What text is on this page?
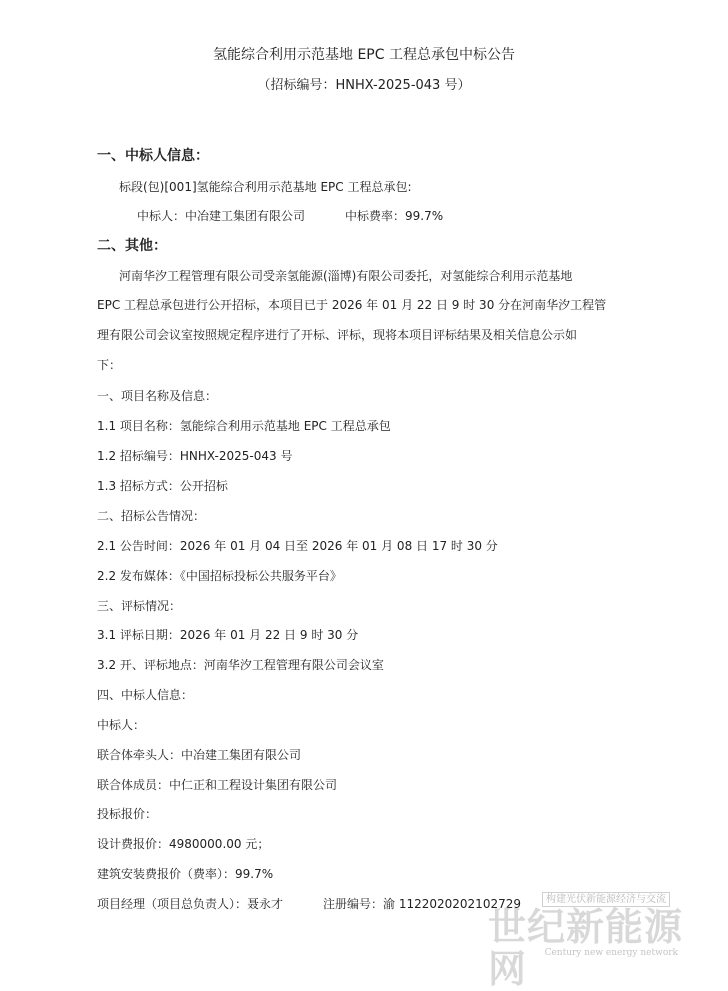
氢能综合利用示范基地 EPC 工程总承包中标公告
（招标编号：HNHX-2025-043 号）
一、中标人信息：
标段(包)[001]氢能综合利用示范基地 EPC 工程总承包:
中标人：中冶建工集团有限公司	中标费率：99.7%
二、其他：
河南华汐工程管理有限公司受亲氢能源(淄博)有限公司委托，对氢能综合利用示范基地
EPC 工程总承包进行公开招标，本项目已于 2026 年 01 月 22 日 9 时 30 分在河南华汐工程管
理有限公司会议室按照规定程序进行了开标、评标，现将本项目评标结果及相关信息公示如
下：
一、项目名称及信息：
1.1 项目名称：氢能综合利用示范基地 EPC 工程总承包
1.2 招标编号：HNHX-2025-043 号
1.3 招标方式：公开招标
二、招标公告情况：
2.1 公告时间：2026 年 01 月 04 日至 2026 年 01 月 08 日 17 时 30 分
2.2 发布媒体：《中国招标投标公共服务平台》
三、评标情况：
3.1 评标日期：2026 年 01 月 22 日 9 时 30 分
3.2 开、评标地点：河南华汐工程管理有限公司会议室
四、中标人信息：
中标人：
联合体牵头人：中冶建工集团有限公司
联合体成员：中仁正和工程设计集团有限公司
投标报价：
设计费报价：4980000.00 元；
建筑安装费报价（费率）：99.7%
项目经理（项目总负责人）：聂永才	注册编号：渝 1122020202102729	构建光伏新能源经济与交流
世纪新能源网	Century new energy network
